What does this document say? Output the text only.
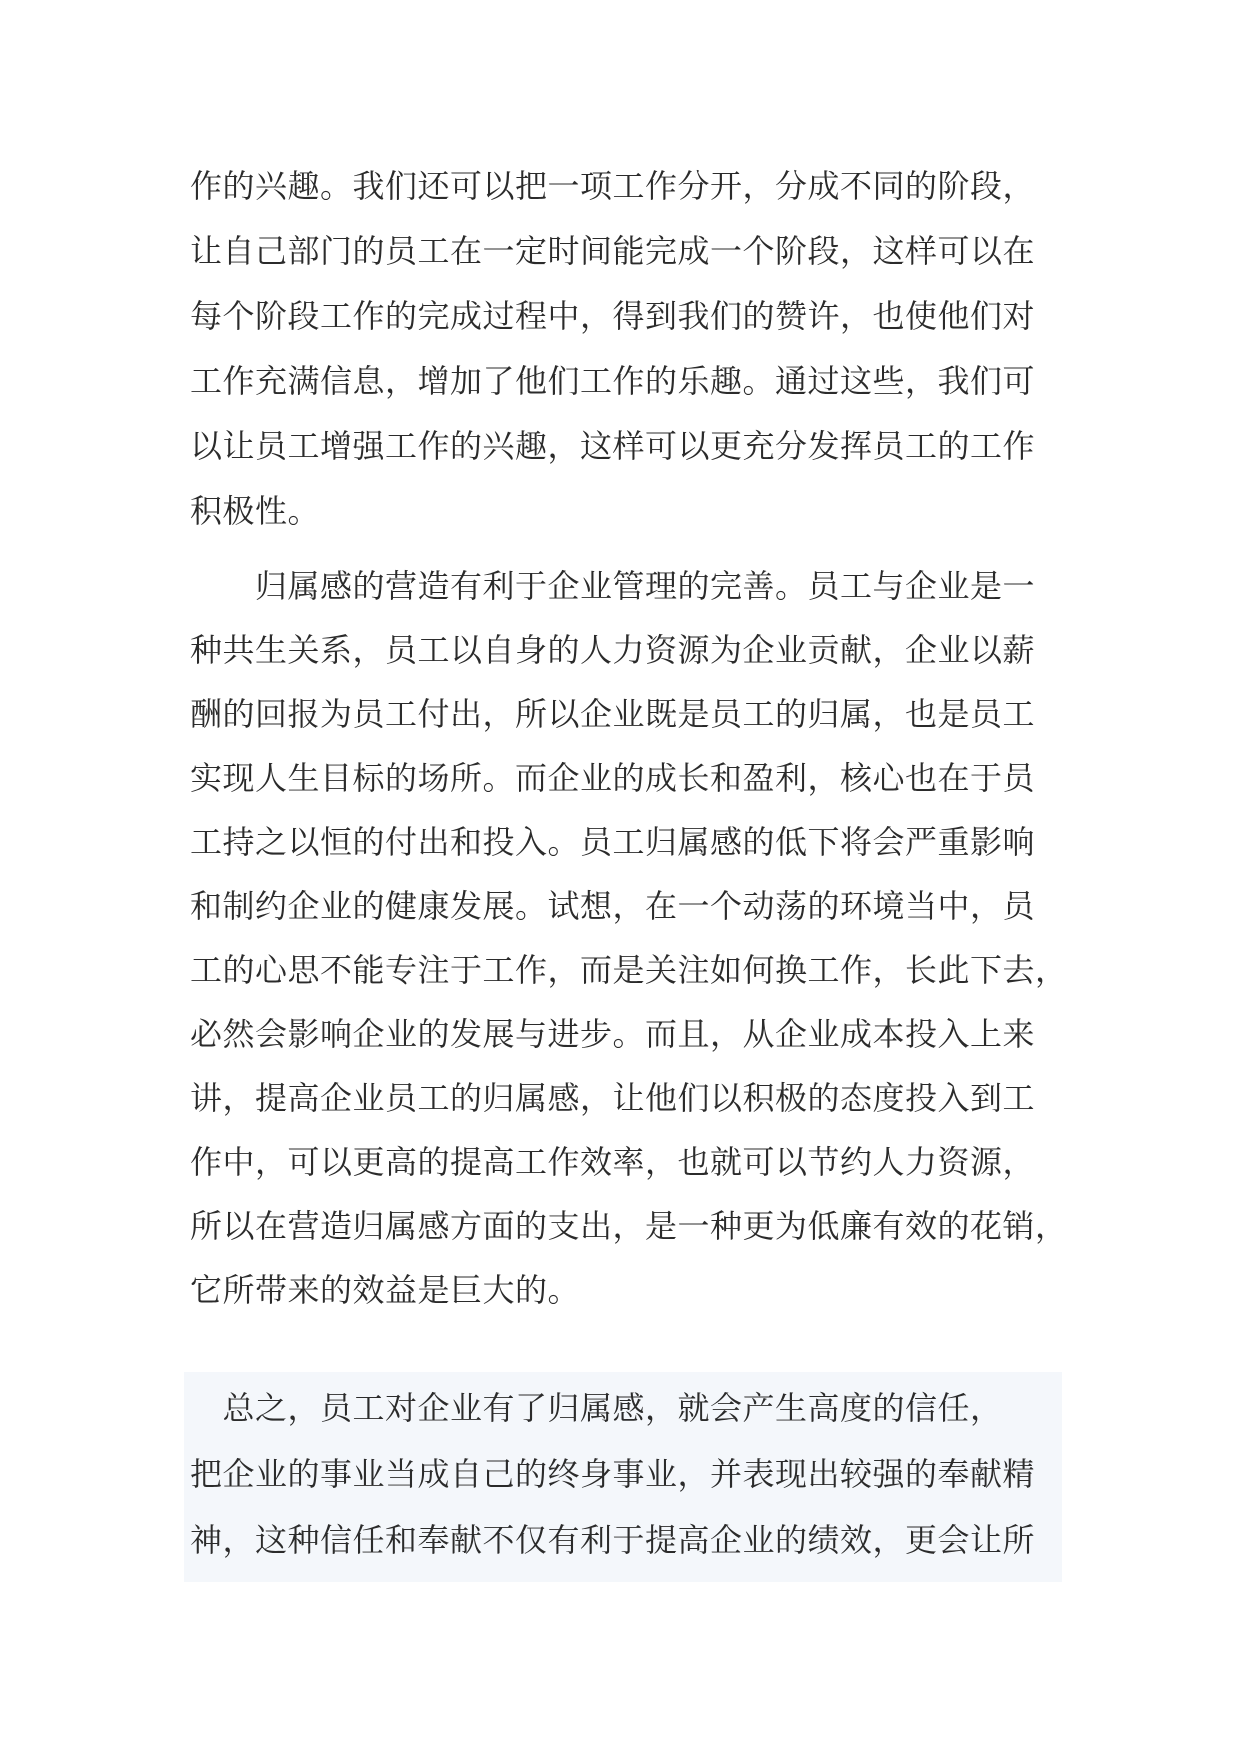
作的兴趣。我们还可以把一项工作分开，分成不同的阶段，
让自己部门的员工在一定时间能完成一个阶段，这样可以在
每个阶段工作的完成过程中，得到我们的赞许，也使他们对
工作充满信息，增加了他们工作的乐趣。通过这些，我们可
以让员工增强工作的兴趣，这样可以更充分发挥员工的工作
积极性。
　　归属感的营造有利于企业管理的完善。员工与企业是一
种共生关系，员工以自身的人力资源为企业贡献，企业以薪
酬的回报为员工付出，所以企业既是员工的归属，也是员工
实现人生目标的场所。而企业的成长和盈利，核心也在于员
工持之以恒的付出和投入。员工归属感的低下将会严重影响
和制约企业的健康发展。试想，在一个动荡的环境当中，员
工的心思不能专注于工作，而是关注如何换工作，长此下去，
必然会影响企业的发展与进步。而且，从企业成本投入上来
讲，提高企业员工的归属感，让他们以积极的态度投入到工
作中，可以更高的提高工作效率，也就可以节约人力资源，
所以在营造归属感方面的支出，是一种更为低廉有效的花销，
它所带来的效益是巨大的。
　总之，员工对企业有了归属感，就会产生高度的信任，
把企业的事业当成自己的终身事业，并表现出较强的奉献精
神，这种信任和奉献不仅有利于提高企业的绩效，更会让所
